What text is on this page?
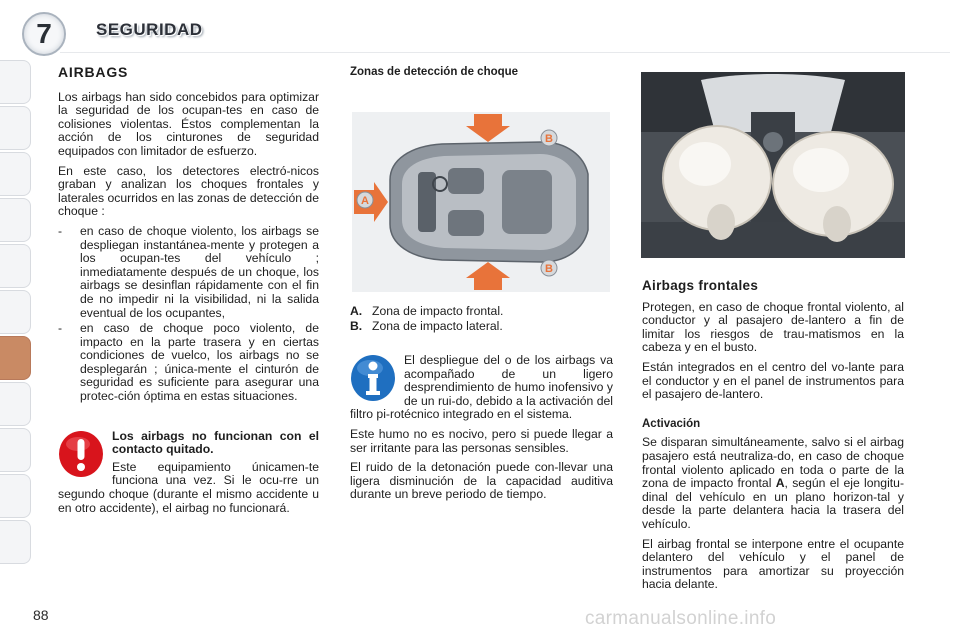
7	SEGURIDAD
AIRBAGS

Los airbags han sido concebidos para optimizar la seguridad de los ocupan-tes en caso de colisiones violentas. Éstos complementan la acción de los cinturones de seguridad equipados con limitador de esfuerzo.

En este caso, los detectores electró-nicos graban y analizan los choques frontales y laterales ocurridos en las zonas de detección de choque :

- en caso de choque violento, los airbags se despliegan instantánea-mente y protegen a los ocupan-tes del vehículo ; inmediatamente después de un choque, los airbags se desinflan rápidamente con el fin de no impedir ni la visibilidad, ni la salida eventual de los ocupantes,
- en caso de choque poco violento, de impacto en la parte trasera y en ciertas condiciones de vuelco, los airbags no se desplegarán ; única-mente el cinturón de seguridad es suficiente para asegurar una protec-ción óptima en estas situaciones.

Los airbags no funcionan con el contacto quitado.

Este equipamiento únicamen-te funciona una vez. Si le ocu-rre un segundo choque (durante el mismo accidente u en otro accidente), el airbag no funcionará.

Zonas de detección de choque
A
B
B
A. Zona de impacto frontal.
B. Zona de impacto lateral.

El despliegue del o de los airbags va acompañado de un ligero desprendimiento de humo inofensivo y de un rui-do, debido a la activación del filtro pi-rotécnico integrado en el sistema.

Este humo no es nocivo, pero si puede llegar a ser irritante para las personas sensibles.

El ruido de la detonación puede con-llevar una ligera disminución de la capacidad auditiva durante un breve periodo de tiempo.

Airbags frontales

Protegen, en caso de choque frontal violento, al conductor y al pasajero de-lantero a fin de limitar los riesgos de trau-matismos en la cabeza y en el busto.

Están integrados en el centro del vo-lante para el conductor y en el panel de instrumentos para el pasajero de-lantero.

Activación

Se disparan simultáneamente, salvo si el airbag pasajero está neutraliza-do, en caso de choque frontal violento aplicado en toda o parte de la zona de impacto frontal A, según el eje longitu-dinal del vehículo en un plano horizon-tal y desde la parte delantera hacia la trasera del vehículo.

El airbag frontal se interpone entre el ocupante delantero del vehículo y el panel de instrumentos para amortizar su proyección hacia delante.

88	carmanualsonline.info
